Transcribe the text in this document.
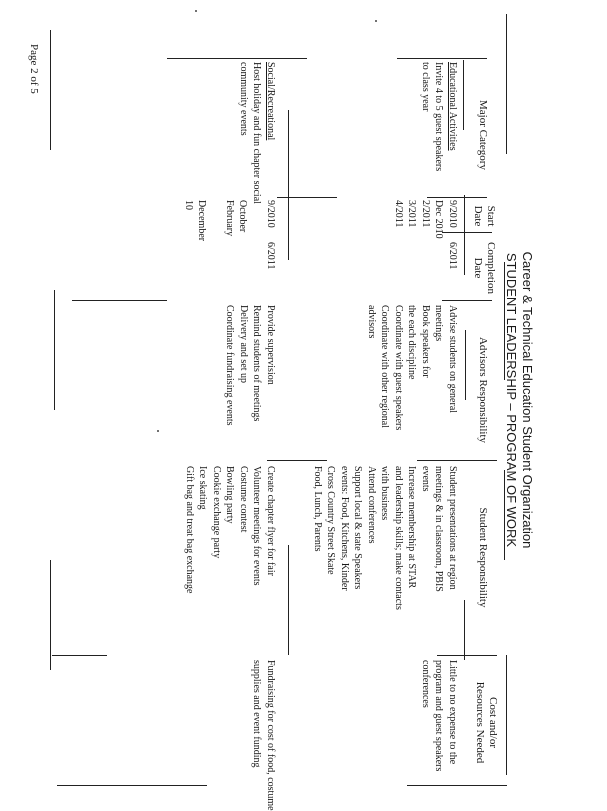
Career & Technical Education Student Organization
STUDENT LEADERSHIP – PROGRAM OF WORK
Major Category
Start
Date
Completion
Date
Advisors Responsibility
Student Responsibility
Cost and/or
Resources Needed
Educational Activities
Invite 4 to 5 guest speakers
to class year
9/2010
Dec 2010
2/2011
3/2011
4/2011
6/2011
Advise students on general
meetings
Book speakers for
the each discipline
Coordinate with guest speakers
Coordinate with other regional
advisors
Student presentations at region
meetings & in classroom, PBIS
events
Increase membership at STAR
and leadership skills; make contacts
with business
Attend conferences
Support local & state Speakers
events: Food, Kitchens, Kinder
Cross Country Street Skate
Food, Lunch, Parents
Little to no expense to the
program and guest speakers
conferences
Social/Recreational
Host holiday and fun chapter social
community events
9/2010
October
February
December
10
6/2011
Provide supervision
Remind students of meetings
Delivery and set up
Coordinate fundraising events
Create chapter flyer for fair
Volunteer meetings for events
Costume contest
Bowling party
Cookie exchange party
Ice skating
Gift bag and treat bag exchange
Fundraising for cost of food, costume
supplies and event funding
Page 2 of 5
